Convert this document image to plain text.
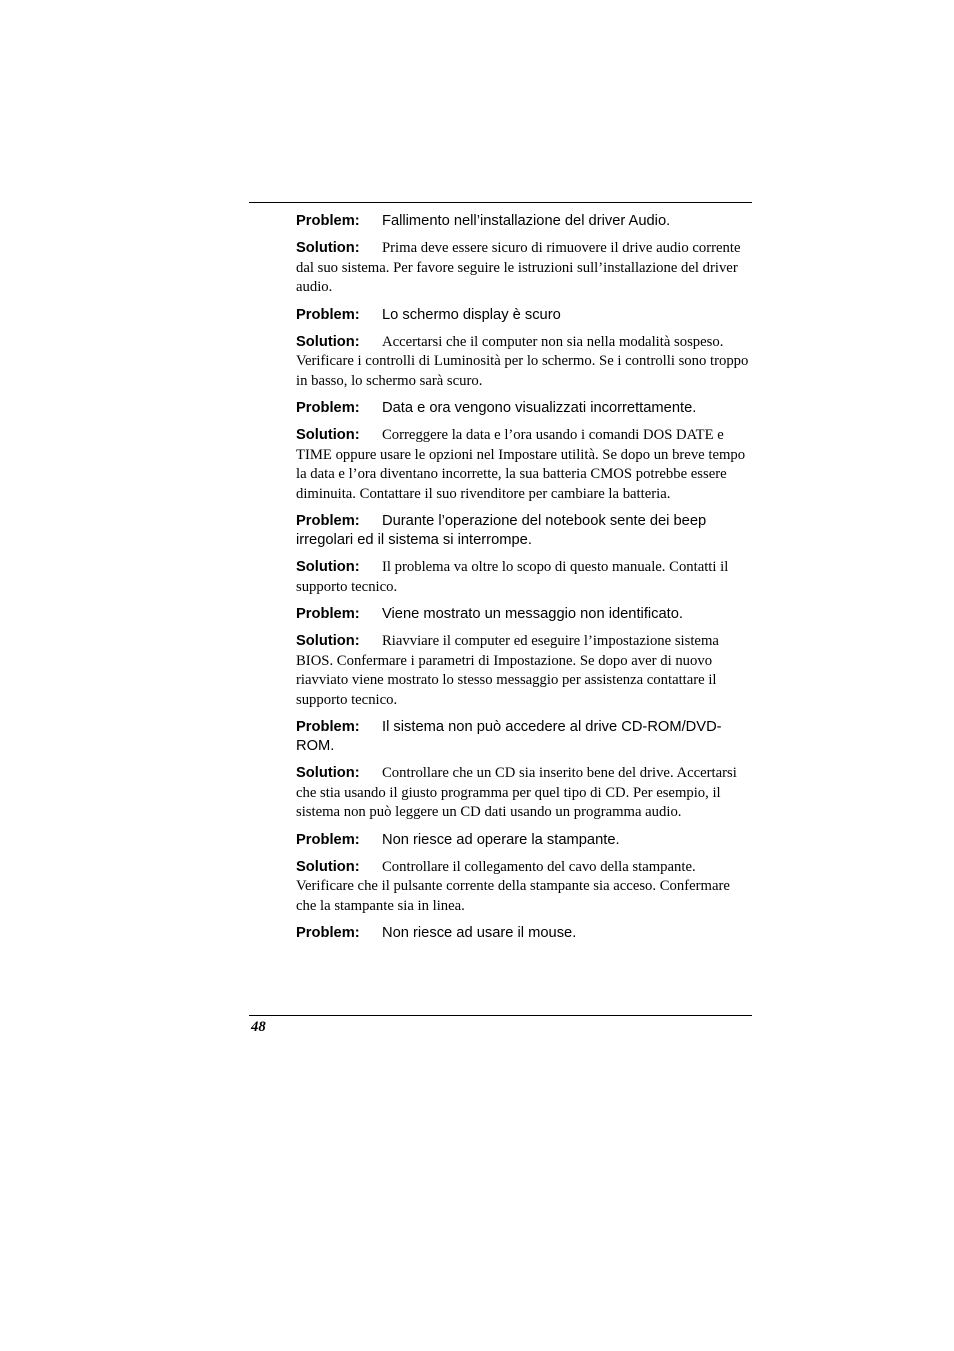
Problem: Fallimento nell’installazione del driver Audio.
Solution: Prima deve essere sicuro di rimuovere il drive audio corrente dal suo sistema. Per favore seguire le istruzioni sull’installazione del driver audio.
Problem: Lo schermo display è scuro
Solution: Accertarsi che il computer non sia nella modalità sospeso. Verificare i controlli di Luminosità per lo schermo. Se i controlli sono troppo in basso, lo schermo sarà scuro.
Problem: Data e ora vengono visualizzati incorrettamente.
Solution: Correggere la data e l’ora usando i comandi DOS DATE e TIME oppure usare le opzioni nel Impostare utilità. Se dopo un breve tempo la data e l’ora diventano incorrette, la sua batteria CMOS potrebbe essere diminuita. Contattare il suo rivenditore per cambiare la batteria.
Problem: Durante l’operazione del notebook sente dei beep irregolari ed il sistema si interrompe.
Solution: Il problema va oltre lo scopo di questo manuale. Contatti il supporto tecnico.
Problem: Viene mostrato un messaggio non identificato.
Solution: Riavviare il computer ed eseguire l’impostazione sistema BIOS. Confermare i parametri di Impostazione. Se dopo aver di nuovo riavviato viene mostrato lo stesso messaggio per assistenza contattare il supporto tecnico.
Problem: Il sistema non può accedere al drive CD-ROM/DVD-ROM.
Solution: Controllare che un CD sia inserito bene del drive. Accertarsi che stia usando il giusto programma per quel tipo di CD. Per esempio, il sistema non può leggere un CD dati usando un programma audio.
Problem: Non riesce ad operare la stampante.
Solution: Controllare il collegamento del cavo della stampante. Verificare che il pulsante corrente della stampante sia acceso. Confermare che la stampante sia in linea.
Problem: Non riesce ad usare il mouse.
48
